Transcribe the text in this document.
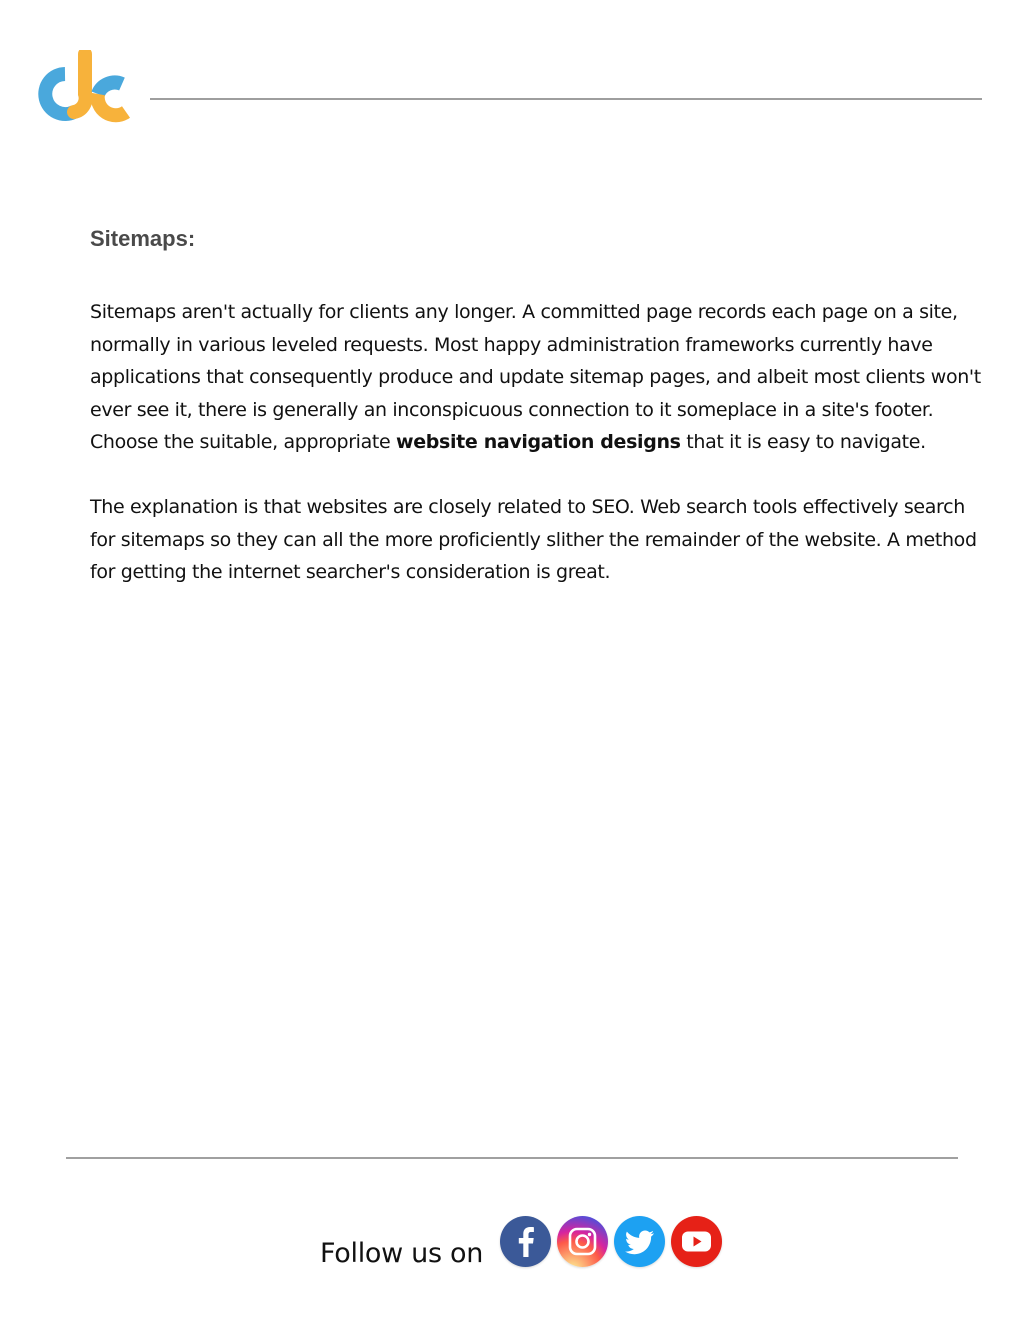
Sitemaps:

Sitemaps aren't actually for clients any longer. A committed page records each page on a site, normally in various leveled requests. Most happy administration frameworks currently have applications that consequently produce and update sitemap pages, and albeit most clients won't ever see it, there is generally an inconspicuous connection to it someplace in a site's footer. Choose the suitable, appropriate website navigation designs that it is easy to navigate.

The explanation is that websites are closely related to SEO. Web search tools effectively search for sitemaps so they can all the more proficiently slither the remainder of the website. A method for getting the internet searcher's consideration is great.

Follow us on
